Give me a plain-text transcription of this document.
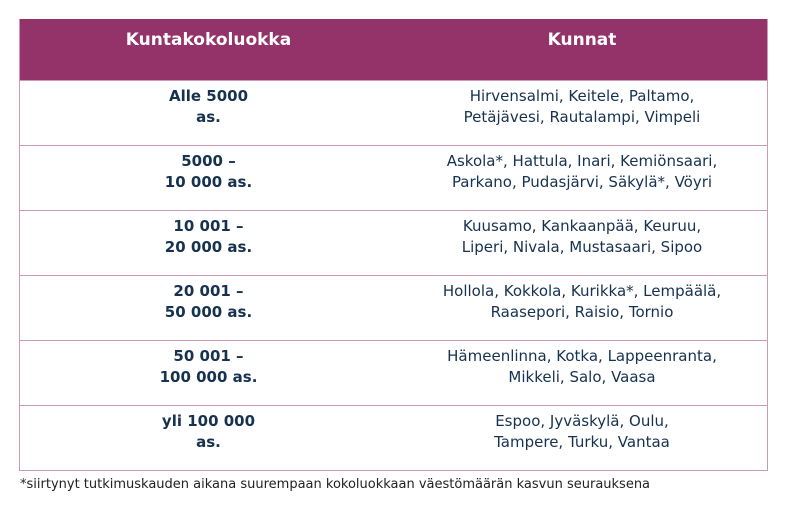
Kuntakokoluokka	Kunnat
Alle 5000
as.
Hirvensalmi, Keitele, Paltamo,
Petäjävesi, Rautalampi, Vimpeli
5000 –
10 000 as.
Askola*, Hattula, Inari, Kemiönsaari,
Parkano, Pudasjärvi, Säkylä*, Vöyri
10 001 –
20 000 as.
Kuusamo, Kankaanpää, Keuruu,
Liperi, Nivala, Mustasaari, Sipoo
20 001 –
50 000 as.
Hollola, Kokkola, Kurikka*, Lempäälä,
Raasepori, Raisio, Tornio
50 001 –
100 000 as.
Hämeenlinna, Kotka, Lappeenranta,
Mikkeli, Salo, Vaasa
yli 100 000
as.
Espoo, Jyväskylä, Oulu,
Tampere, Turku, Vantaa
*siirtynyt tutkimuskauden aikana suurempaan kokoluokkaan väestömäärän kasvun seurauksena
